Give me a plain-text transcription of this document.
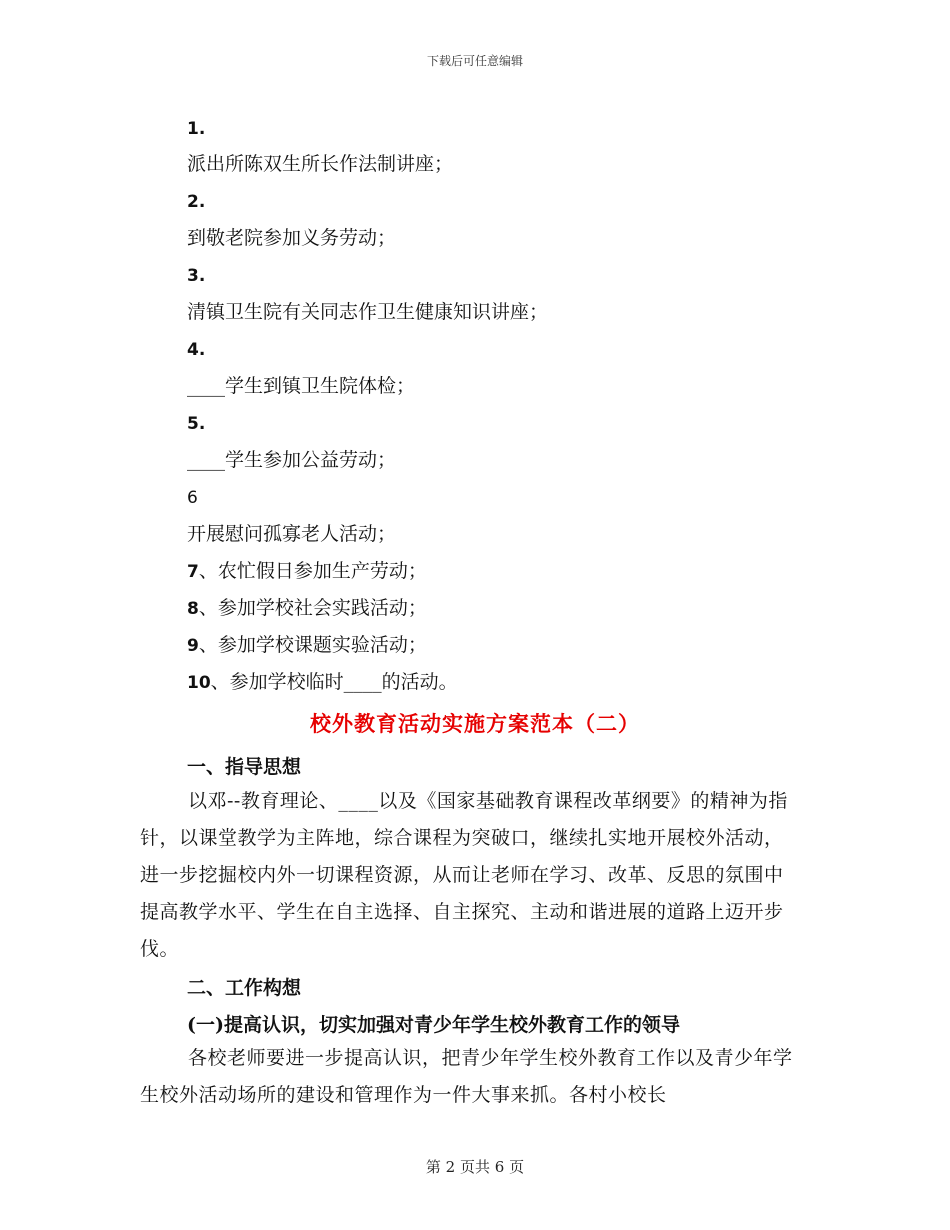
下载后可任意编辑
1.
派出所陈双生所长作法制讲座；
2.
到敬老院参加义务劳动；
3.
清镇卫生院有关同志作卫生健康知识讲座；
4.
____学生到镇卫生院体检；
5.
____学生参加公益劳动；
6
开展慰问孤寡老人活动；
7、农忙假日参加生产劳动；
8、参加学校社会实践活动；
9、参加学校课题实验活动；
10、参加学校临时____的活动。
校外教育活动实施方案范本（二）
一、指导思想
以邓--教育理论、____以及《国家基础教育课程改革纲要》的精神为指针，以课堂教学为主阵地，综合课程为突破口，继续扎实地开展校外活动，进一步挖掘校内外一切课程资源，从而让老师在学习、改革、反思的氛围中提高教学水平、学生在自主选择、自主探究、主动和谐进展的道路上迈开步伐。
二、工作构想
(一)提高认识，切实加强对青少年学生校外教育工作的领导
各校老师要进一步提高认识，把青少年学生校外教育工作以及青少年学生校外活动场所的建设和管理作为一件大事来抓。各村小校长
第 2 页共 6 页
